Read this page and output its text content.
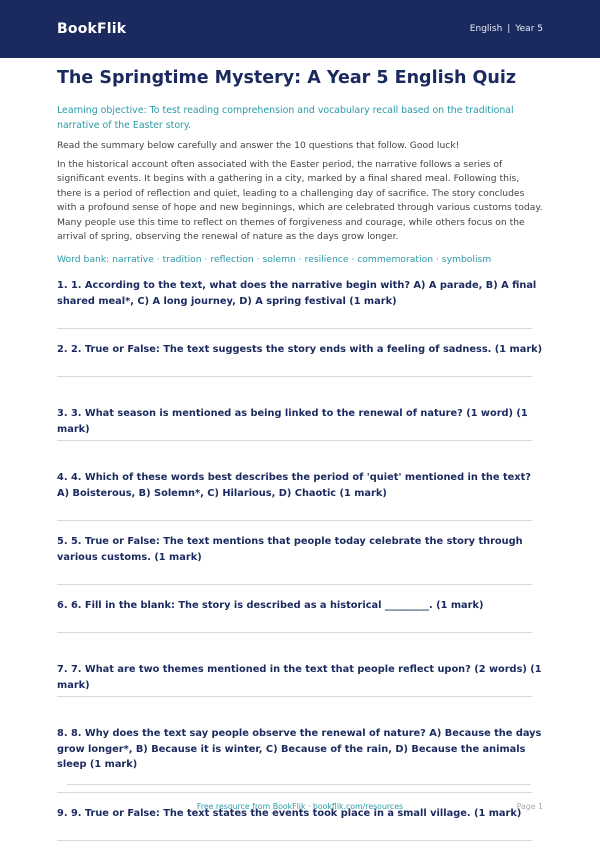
BookFlik	English | Year 5
The Springtime Mystery: A Year 5 English Quiz

Learning objective: To test reading comprehension and vocabulary recall based on the traditional narrative of the Easter story.

Read the summary below carefully and answer the 10 questions that follow. Good luck!

In the historical account often associated with the Easter period, the narrative follows a series of significant events. It begins with a gathering in a city, marked by a final shared meal. Following this, there is a period of reflection and quiet, leading to a challenging day of sacrifice. The story concludes with a profound sense of hope and new beginnings, which are celebrated through various customs today. Many people use this time to reflect on themes of forgiveness and courage, while others focus on the arrival of spring, observing the renewal of nature as the days grow longer.

Word bank: narrative · tradition · reflection · solemn · resilience · commemoration · symbolism

1. 1. According to the text, what does the narrative begin with? A) A parade, B) A final shared meal*, C) A long journey, D) A spring festival (1 mark)

2. 2. True or False: The text suggests the story ends with a feeling of sadness. (1 mark)

3. 3. What season is mentioned as being linked to the renewal of nature? (1 word) (1 mark)

4. 4. Which of these words best describes the period of 'quiet' mentioned in the text? A) Boisterous, B) Solemn*, C) Hilarious, D) Chaotic (1 mark)

5. 5. True or False: The text mentions that people today celebrate the story through various customs. (1 mark)

6. 6. Fill in the blank: The story is described as a historical _________. (1 mark)

7. 7. What are two themes mentioned in the text that people reflect upon? (2 words) (1 mark)

8. 8. Why does the text say people observe the renewal of nature? A) Because the days grow longer*, B) Because it is winter, C) Because of the rain, D) Because the animals sleep (1 mark)

9. 9. True or False: The text states the events took place in a small village. (1 mark)

Free resource from BookFlik · bookflik.com/resources	Page 1
